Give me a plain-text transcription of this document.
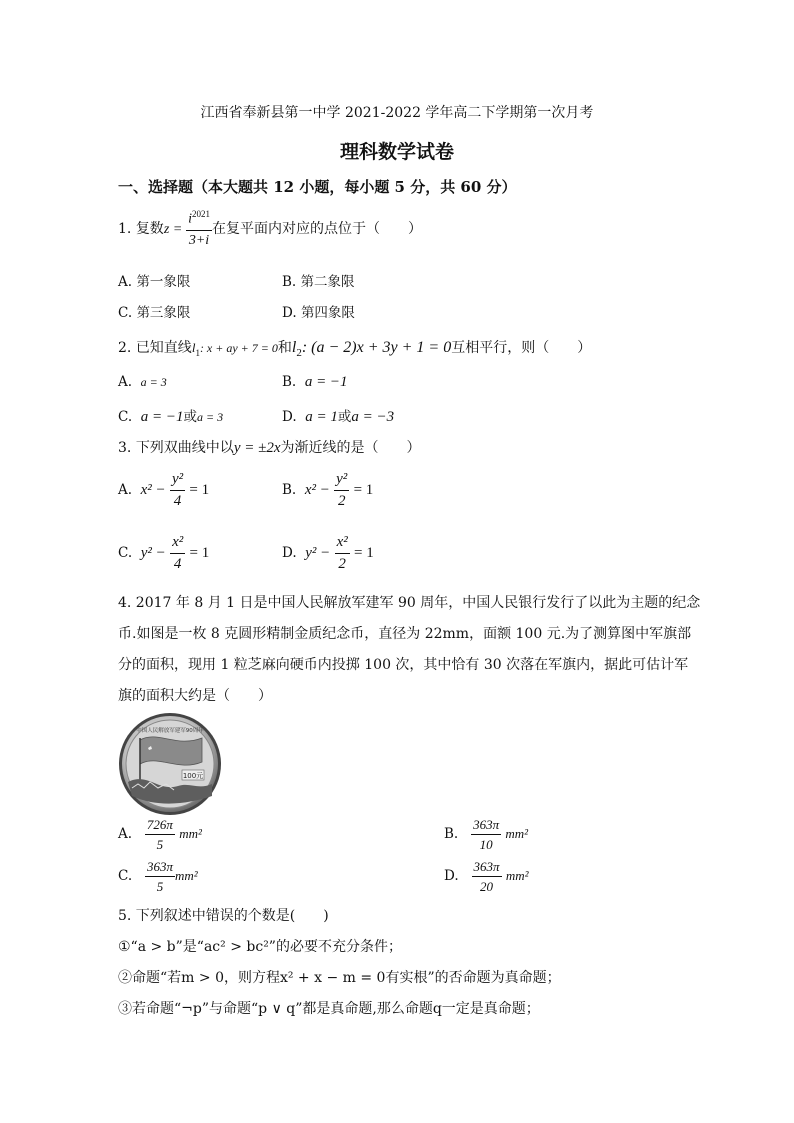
江西省奉新县第一中学 2021-2022 学年高二下学期第一次月考
理科数学试卷
一、选择题（本大题共 12 小题，每小题 5 分，共 60 分）
1. 复数$z = \frac{i^{2021}}{3+i}$ 在复平面内对应的点位于（　　）
A. 第一象限	B. 第二象限
C. 第三象限	D. 第四象限
2. 已知直线$l_1$: x + ay + 7 = 0和$l_2$: (a − 2)x + 3y + 1 = 0互相平行，则（　　）
A. a = 3	B. a = −1
C. a = −1或a = 3	D. a = 1或a = −3
3. 下列双曲线中以y = ±2x为渐近线的是（　　）
A. $x^2 - \frac{\text{y²}}{4} = 1$	B. $x^2 - \frac{\text{y²}}{2} = 1$
C. $y^2 - \frac{\text{x²}}{4} = 1$	D. $y^2 - \frac{\text{x²}}{2} = 1$
4. 2017 年 8 月 1 日是中国人民解放军建军 90 周年，中国人民银行发行了以此为主题的纪念
币.如图是一枚 8 克圆形精制金质纪念币，直径为 22mm，面额 100 元.为了测算图中军旗部
分的面积，现用 1 粒芝麻向硬币内投掷 100 次，其中恰有 30 次落在军旗内，据此可估计军
旗的面积大约是（　　）
100元
中国人民解放军建军90周年
A. $\frac{726\pi}{5} mm^2$	B. $\frac{363\pi}{10} mm^2$
C. $\frac{363\pi}{5} mm^2$	D. $\frac{363\pi}{20} mm^2$
5. 下列叙述中错误的个数是(　　)
①“a > b”是“ac² > bc²”的必要不充分条件；
②命题“若m > 0，则方程x² + x − m = 0有实根”的否命题为真命题；
③若命题“¬p”与命题“p ∨ q”都是真命题,那么命题q一定是真命题；
